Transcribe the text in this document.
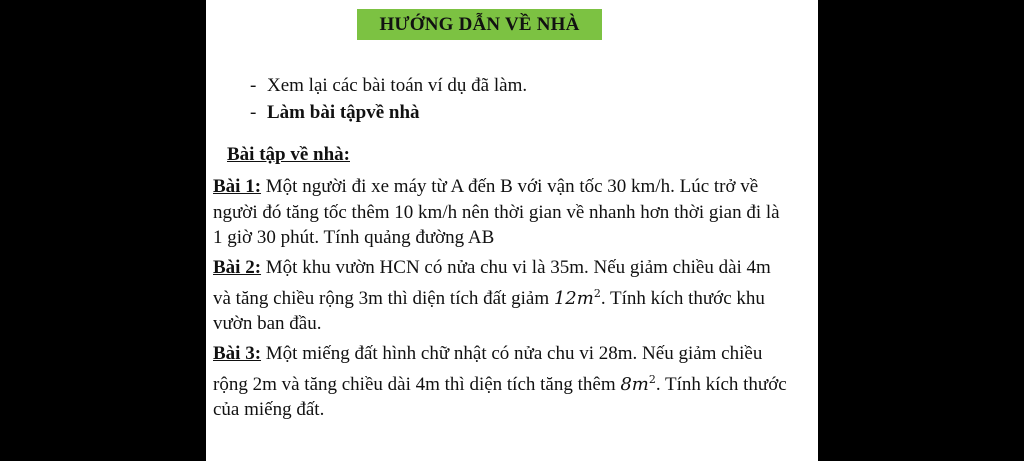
HƯỚNG DẪN VỀ NHÀ
- Xem lại các bài toán ví dụ đã làm.
- Làm bài tậpvề nhà
Bài tập về nhà:
Bài 1: Một người đi xe máy từ A đến B với vận tốc 30 km/h. Lúc trở về người đó tăng tốc thêm 10 km/h nên thời gian về nhanh hơn thời gian đi là 1 giờ 30 phút. Tính quảng đường AB
Bài 2: Một khu vườn HCN có nửa chu vi là 35m. Nếu giảm chiều dài 4m và tăng chiều rộng 3m thì diện tích đất giảm $12m^2$. Tính kích thước khu vườn ban đầu.
Bài 3: Một miếng đất hình chữ nhật có nửa chu vi 28m. Nếu giảm chiều rộng 2m và tăng chiều dài 4m thì diện tích tăng thêm $8m^2$. Tính kích thước của miếng đất.
